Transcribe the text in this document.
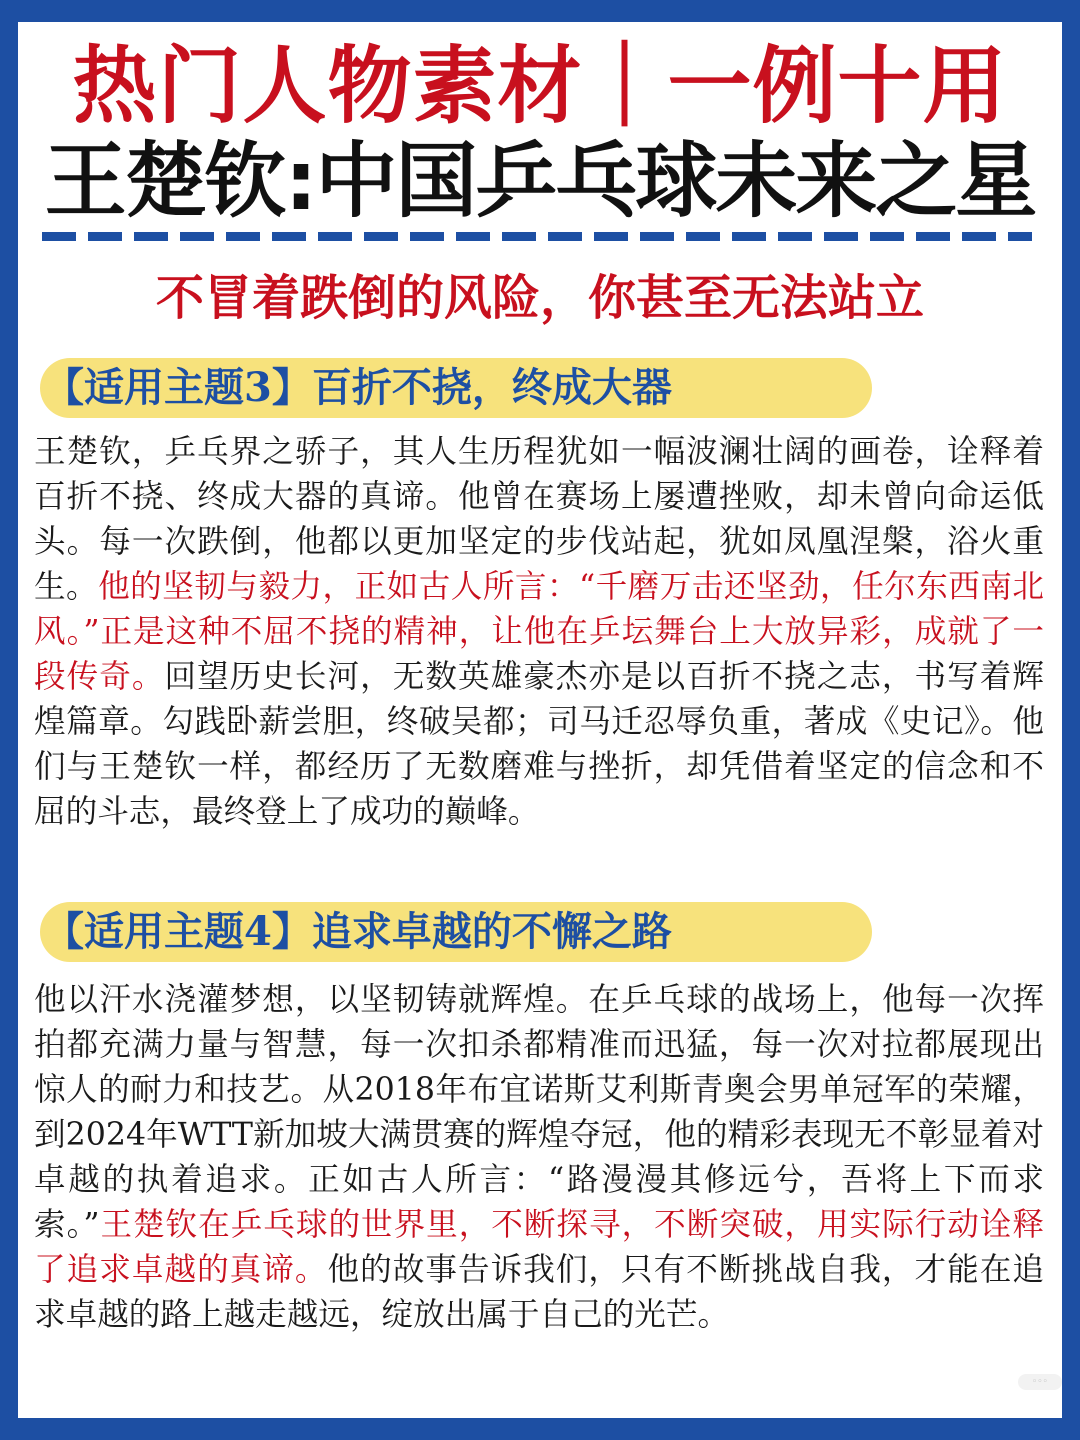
热门人物素材｜一例十用
王楚钦:中国乒乓球未来之星
不冒着跌倒的风险，你甚至无法站立
【适用主题3】百折不挠，终成大器

王楚钦，乒乓界之骄子，其人生历程犹如一幅波澜壮阔的画卷，诠释着百折不挠、终成大器的真谛。他曾在赛场上屡遭挫败，却未曾向命运低头。每一次跌倒，他都以更加坚定的步伐站起，犹如凤凰涅槃，浴火重生。他的坚韧与毅力，正如古人所言：“千磨万击还坚劲，任尔东西南北风。”正是这种不屈不挠的精神，让他在乒坛舞台上大放异彩，成就了一段传奇。回望历史长河，无数英雄豪杰亦是以百折不挠之志，书写着辉煌篇章。勾践卧薪尝胆，终破吴都；司马迁忍辱负重，著成《史记》。他们与王楚钦一样，都经历了无数磨难与挫折，却凭借着坚定的信念和不屈的斗志，最终登上了成功的巅峰。

【适用主题4】追求卓越的不懈之路

他以汗水浇灌梦想，以坚韧铸就辉煌。在乒乓球的战场上，他每一次挥拍都充满力量与智慧，每一次扣杀都精准而迅猛，每一次对拉都展现出惊人的耐力和技艺。从2018年布宜诺斯艾利斯青奥会男单冠军的荣耀，到2024年WTT新加坡大满贯赛的辉煌夺冠，他的精彩表现无不彰显着对卓越的执着追求。正如古人所言：“路漫漫其修远兮，吾将上下而求索。”王楚钦在乒乓球的世界里，不断探寻，不断突破，用实际行动诠释了追求卓越的真谛。他的故事告诉我们，只有不断挑战自我，才能在追求卓越的路上越走越远，绽放出属于自己的光芒。

◦◦◦
